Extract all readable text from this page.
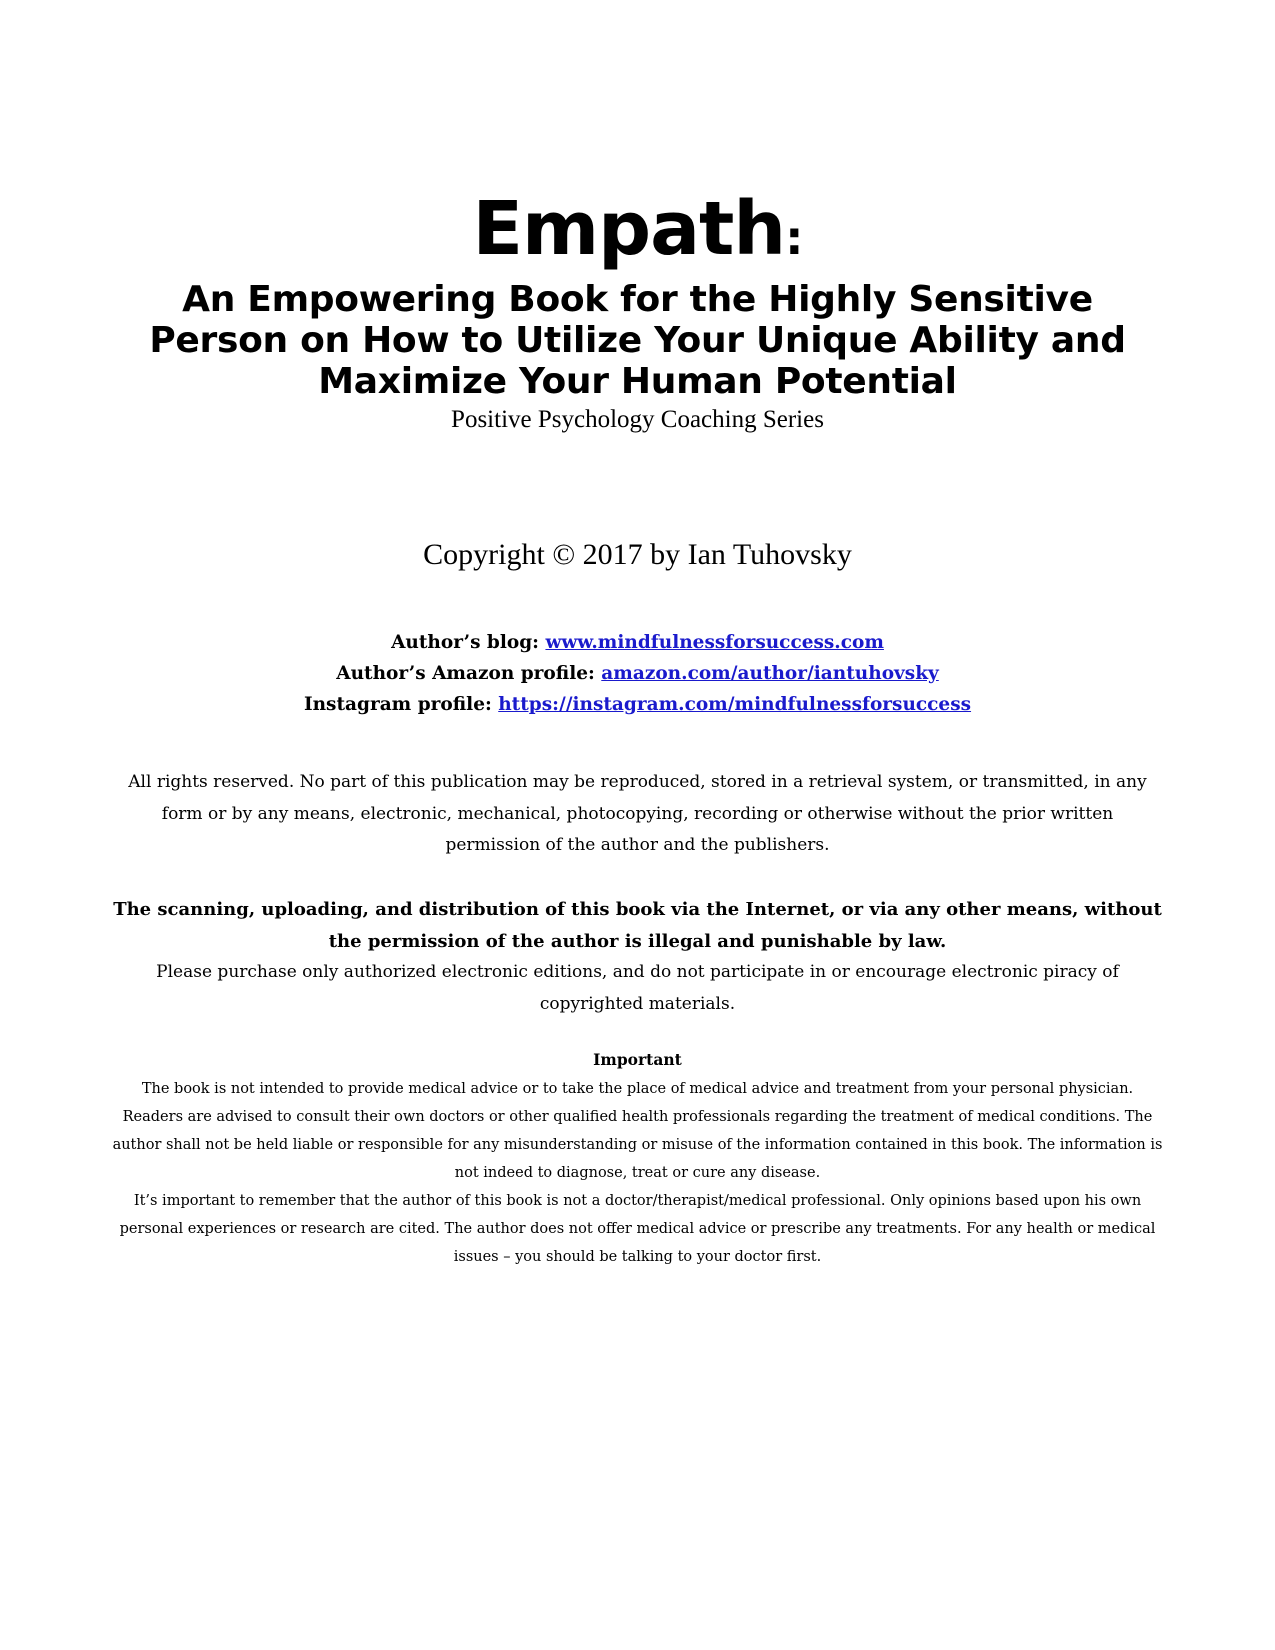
Empath:
An Empowering Book for the Highly Sensitive
Person on How to Utilize Your Unique Ability and
Maximize Your Human Potential
Positive Psychology Coaching Series
Copyright © 2017 by Ian Tuhovsky
Author’s blog: www.mindfulnessforsuccess.com
Author’s Amazon profile: amazon.com/author/iantuhovsky
Instagram profile: https://instagram.com/mindfulnessforsuccess
All rights reserved. No part of this publication may be reproduced, stored in a retrieval system, or transmitted, in any form or by any means, electronic, mechanical, photocopying, recording or otherwise without the prior written permission of the author and the publishers.
The scanning, uploading, and distribution of this book via the Internet, or via any other means, without the permission of the author is illegal and punishable by law.
Please purchase only authorized electronic editions, and do not participate in or encourage electronic piracy of copyrighted materials.
Important

The book is not intended to provide medical advice or to take the place of medical advice and treatment from your personal physician. Readers are advised to consult their own doctors or other qualified health professionals regarding the treatment of medical conditions. The author shall not be held liable or responsible for any misunderstanding or misuse of the information contained in this book. The information is not indeed to diagnose, treat or cure any disease.

It’s important to remember that the author of this book is not a doctor/therapist/medical professional. Only opinions based upon his own personal experiences or research are cited. The author does not offer medical advice or prescribe any treatments. For any health or medical issues – you should be talking to your doctor first.
